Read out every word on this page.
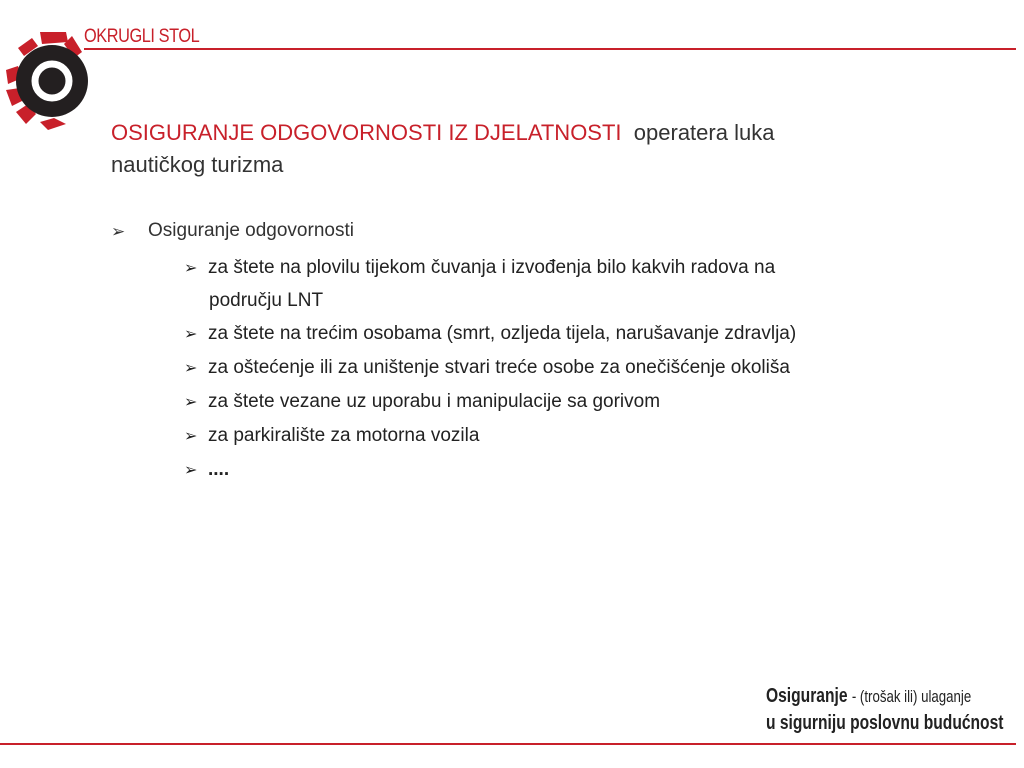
OKRUGLI STOL
OSIGURANJE ODGOVORNOSTI IZ DJELATNOSTI operatera luka nautičkog turizma
➢ Osiguranje odgovornosti
➢ za štete na plovilu tijekom čuvanja i izvođenja bilo kakvih radova na
području LNT
➢ za štete na trećim osobama (smrt, ozljeda tijela, narušavanje zdravlja)
➢ za oštećenje ili za uništenje stvari treće osobe za onečišćenje okoliša
➢ za štete vezane uz uporabu i manipulacije sa gorivom
➢ za parkiralište za motorna vozila
➢ ....
Osiguranje - (trošak ili) ulaganje
u sigurniju poslovnu budućnost
